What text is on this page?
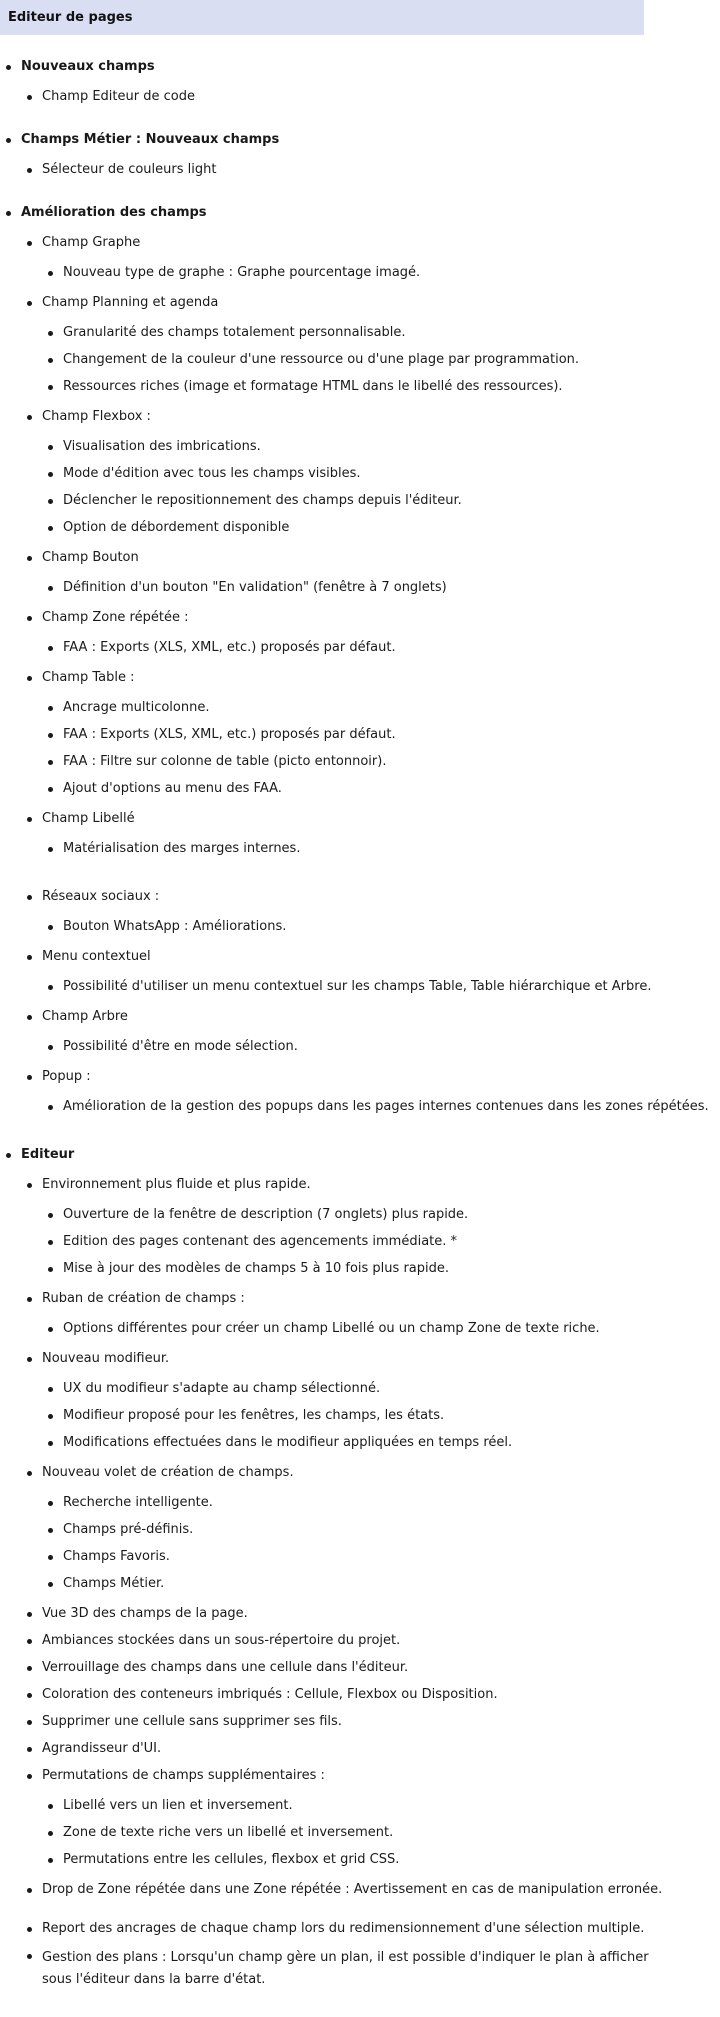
Editeur de pages
Nouveaux champs
Champ Editeur de code
Champs Métier : Nouveaux champs
Sélecteur de couleurs light
Amélioration des champs
Champ Graphe
Nouveau type de graphe : Graphe pourcentage imagé.
Champ Planning et agenda
Granularité des champs totalement personnalisable.
Changement de la couleur d'une ressource ou d'une plage par programmation.
Ressources riches (image et formatage HTML dans le libellé des ressources).
Champ Flexbox :
Visualisation des imbrications.
Mode d'édition avec tous les champs visibles.
Déclencher le repositionnement des champs depuis l'éditeur.
Option de débordement disponible
Champ Bouton
Définition d'un bouton "En validation" (fenêtre à 7 onglets)
Champ Zone répétée :
FAA : Exports (XLS, XML, etc.) proposés par défaut.
Champ Table :
Ancrage multicolonne.
FAA : Exports (XLS, XML, etc.) proposés par défaut.
FAA : Filtre sur colonne de table (picto entonnoir).
Ajout d'options au menu des FAA.
Champ Libellé
Matérialisation des marges internes.
Réseaux sociaux :
Bouton WhatsApp : Améliorations.
Menu contextuel
Possibilité d'utiliser un menu contextuel sur les champs Table, Table hiérarchique et Arbre.
Champ Arbre
Possibilité d'être en mode sélection.
Popup :
Amélioration de la gestion des popups dans les pages internes contenues dans les zones répétées.
Editeur
Environnement plus fluide et plus rapide.
Ouverture de la fenêtre de description (7 onglets) plus rapide.
Edition des pages contenant des agencements immédiate. *
Mise à jour des modèles de champs 5 à 10 fois plus rapide.
Ruban de création de champs :
Options différentes pour créer un champ Libellé ou un champ Zone de texte riche.
Nouveau modifieur.
UX du modifieur s'adapte au champ sélectionné.
Modifieur proposé pour les fenêtres, les champs, les états.
Modifications effectuées dans le modifieur appliquées en temps réel.
Nouveau volet de création de champs.
Recherche intelligente.
Champs pré-définis.
Champs Favoris.
Champs Métier.
Vue 3D des champs de la page.
Ambiances stockées dans un sous-répertoire du projet.
Verrouillage des champs dans une cellule dans l'éditeur.
Coloration des conteneurs imbriqués : Cellule, Flexbox ou Disposition.
Supprimer une cellule sans supprimer ses fils.
Agrandisseur d'UI.
Permutations de champs supplémentaires :
Libellé vers un lien et inversement.
Zone de texte riche vers un libellé et inversement.
Permutations entre les cellules, flexbox et grid CSS.
Drop de Zone répétée dans une Zone répétée : Avertissement en cas de manipulation erronée.
Report des ancrages de chaque champ lors du redimensionnement d'une sélection multiple.
Gestion des plans : Lorsqu'un champ gère un plan, il est possible d'indiquer le plan à afficher sous l'éditeur dans la barre d'état.
